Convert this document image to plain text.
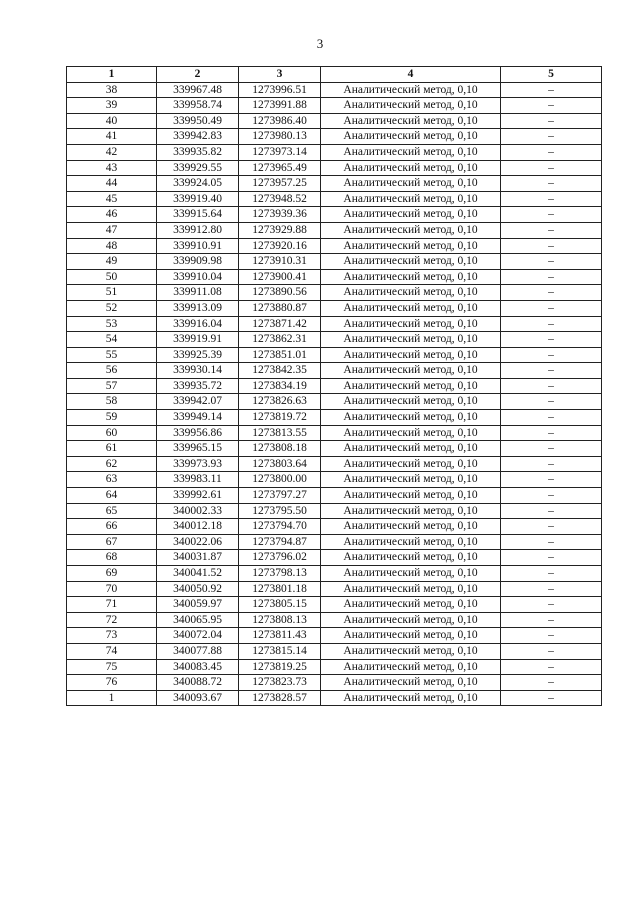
3
1	2	3	4	5
38	339967.48	1273996.51	Аналитический метод, 0,10	–
39	339958.74	1273991.88	Аналитический метод, 0,10	–
40	339950.49	1273986.40	Аналитический метод, 0,10	–
41	339942.83	1273980.13	Аналитический метод, 0,10	–
42	339935.82	1273973.14	Аналитический метод, 0,10	–
43	339929.55	1273965.49	Аналитический метод, 0,10	–
44	339924.05	1273957.25	Аналитический метод, 0,10	–
45	339919.40	1273948.52	Аналитический метод, 0,10	–
46	339915.64	1273939.36	Аналитический метод, 0,10	–
47	339912.80	1273929.88	Аналитический метод, 0,10	–
48	339910.91	1273920.16	Аналитический метод, 0,10	–
49	339909.98	1273910.31	Аналитический метод, 0,10	–
50	339910.04	1273900.41	Аналитический метод, 0,10	–
51	339911.08	1273890.56	Аналитический метод, 0,10	–
52	339913.09	1273880.87	Аналитический метод, 0,10	–
53	339916.04	1273871.42	Аналитический метод, 0,10	–
54	339919.91	1273862.31	Аналитический метод, 0,10	–
55	339925.39	1273851.01	Аналитический метод, 0,10	–
56	339930.14	1273842.35	Аналитический метод, 0,10	–
57	339935.72	1273834.19	Аналитический метод, 0,10	–
58	339942.07	1273826.63	Аналитический метод, 0,10	–
59	339949.14	1273819.72	Аналитический метод, 0,10	–
60	339956.86	1273813.55	Аналитический метод, 0,10	–
61	339965.15	1273808.18	Аналитический метод, 0,10	–
62	339973.93	1273803.64	Аналитический метод, 0,10	–
63	339983.11	1273800.00	Аналитический метод, 0,10	–
64	339992.61	1273797.27	Аналитический метод, 0,10	–
65	340002.33	1273795.50	Аналитический метод, 0,10	–
66	340012.18	1273794.70	Аналитический метод, 0,10	–
67	340022.06	1273794.87	Аналитический метод, 0,10	–
68	340031.87	1273796.02	Аналитический метод, 0,10	–
69	340041.52	1273798.13	Аналитический метод, 0,10	–
70	340050.92	1273801.18	Аналитический метод, 0,10	–
71	340059.97	1273805.15	Аналитический метод, 0,10	–
72	340065.95	1273808.13	Аналитический метод, 0,10	–
73	340072.04	1273811.43	Аналитический метод, 0,10	–
74	340077.88	1273815.14	Аналитический метод, 0,10	–
75	340083.45	1273819.25	Аналитический метод, 0,10	–
76	340088.72	1273823.73	Аналитический метод, 0,10	–
1	340093.67	1273828.57	Аналитический метод, 0,10	–
